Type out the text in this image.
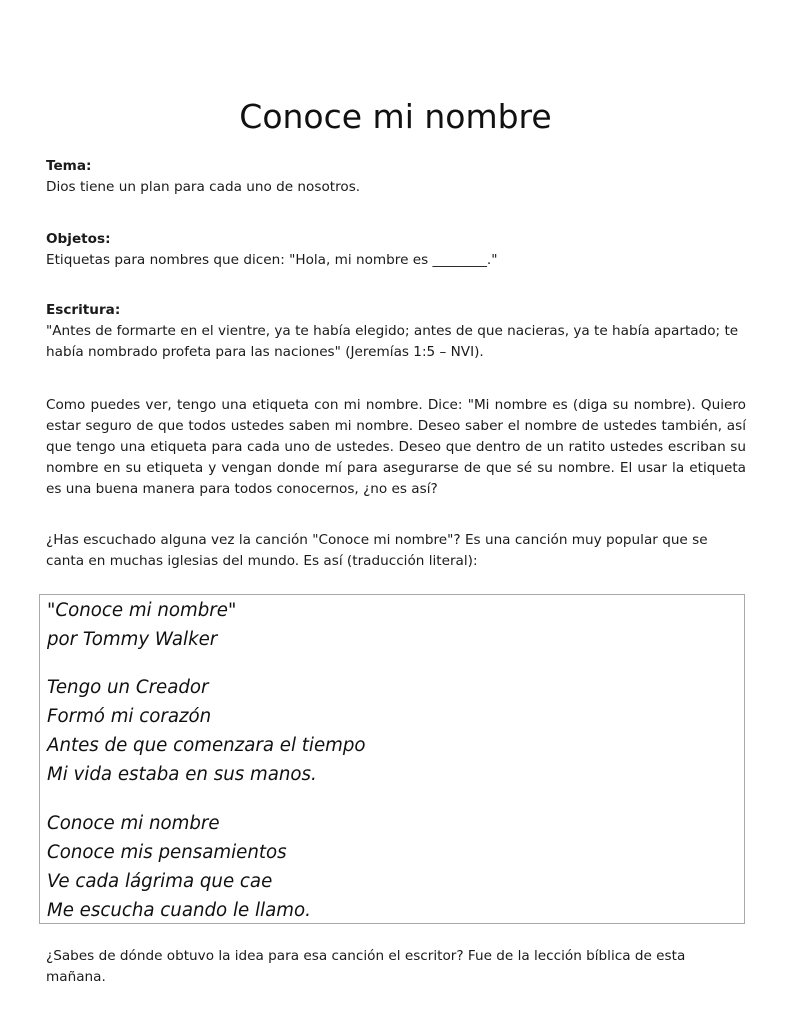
Conoce mi nombre
Tema:
Dios tiene un plan para cada uno de nosotros.
Objetos:
Etiquetas para nombres que dicen: "Hola, mi nombre es ________."
Escritura:
"Antes de formarte en el vientre, ya te había elegido; antes de que nacieras, ya te había apartado; te había nombrado profeta para las naciones" (Jeremías 1:5 – NVI).
Como puedes ver, tengo una etiqueta con mi nombre. Dice: "Mi nombre es (diga su nombre). Quiero estar seguro de que todos ustedes saben mi nombre. Deseo saber el nombre de ustedes también, así que tengo una etiqueta para cada uno de ustedes. Deseo que dentro de un ratito ustedes escriban su nombre en su etiqueta y vengan donde mí para asegurarse de que sé su nombre. El usar la etiqueta es una buena manera para todos conocernos, ¿no es así?
¿Has escuchado alguna vez la canción "Conoce mi nombre"? Es una canción muy popular que se canta en muchas iglesias del mundo. Es así (traducción literal):
"Conoce mi nombre"
por Tommy Walker
Tengo un Creador
Formó mi corazón
Antes de que comenzara el tiempo
Mi vida estaba en sus manos.
Conoce mi nombre
Conoce mis pensamientos
Ve cada lágrima que cae
Me escucha cuando le llamo.
¿Sabes de dónde obtuvo la idea para esa canción el escritor? Fue de la lección bíblica de esta mañana.
